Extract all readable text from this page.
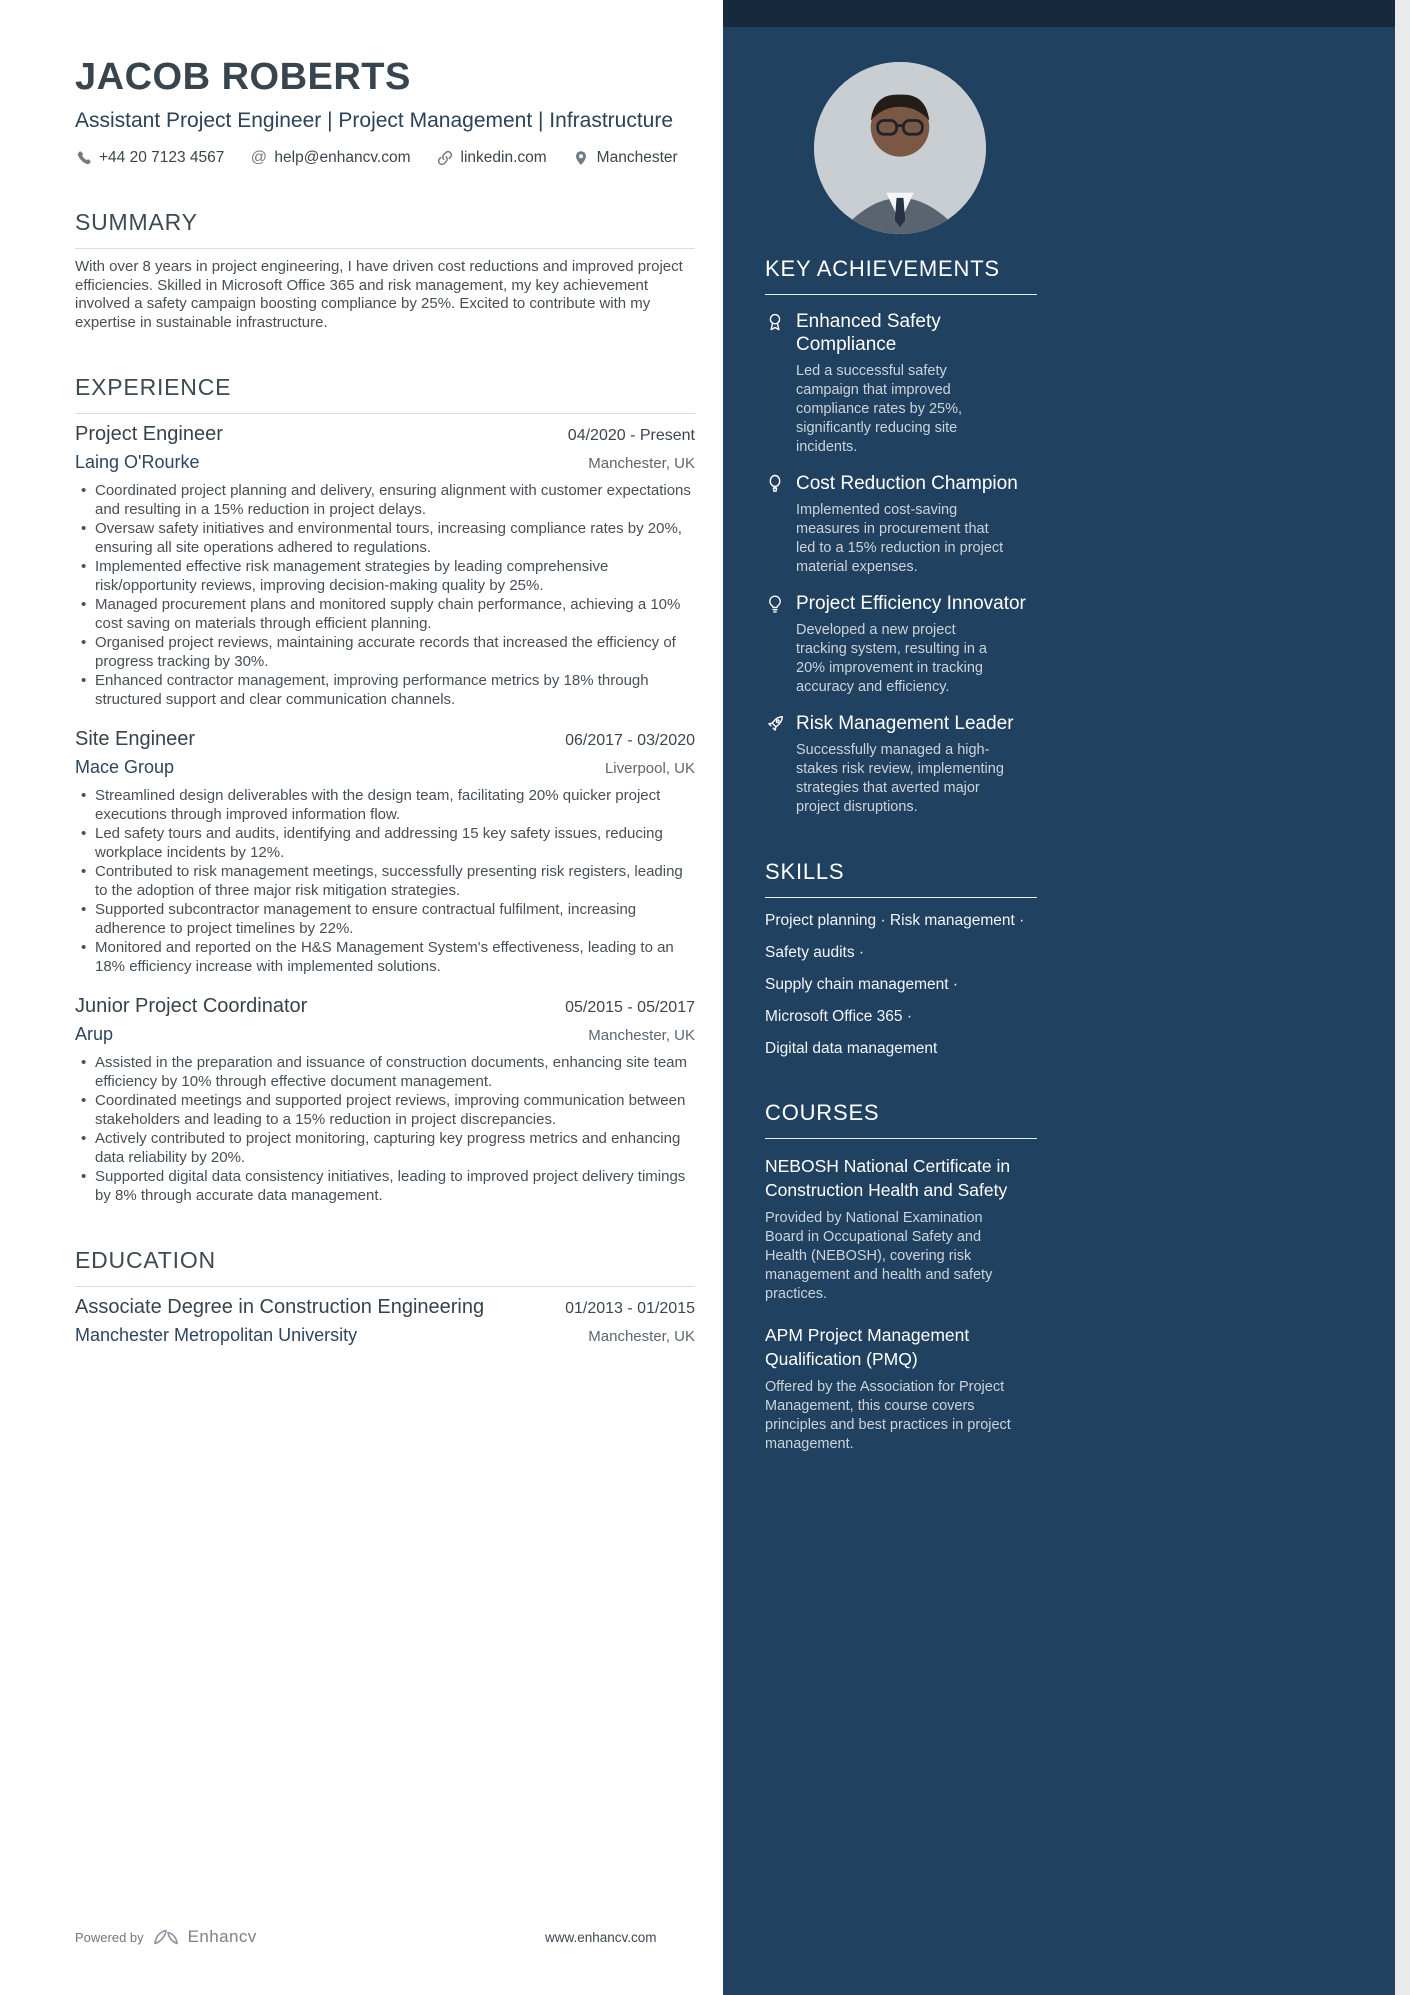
JACOB ROBERTS
Assistant Project Engineer | Project Management | Infrastructure
+44 20 7123 4567 @ help@enhancv.com	linkedin.com	Manchester
SUMMARY

With over 8 years in project engineering, I have driven cost reductions and improved project efficiencies. Skilled in Microsoft Office 365 and risk management, my key achievement involved a safety campaign boosting compliance by 25%. Excited to contribute with my expertise in sustainable infrastructure.

EXPERIENCE
Project Engineer	04/2020 - Present
Laing O'Rourke	Manchester, UK
• Coordinated project planning and delivery, ensuring alignment with customer expectations and resulting in a 15% reduction in project delays.
• Oversaw safety initiatives and environmental tours, increasing compliance rates by 20%, ensuring all site operations adhered to regulations.
• Implemented effective risk management strategies by leading comprehensive risk/opportunity reviews, improving decision-making quality by 25%.
• Managed procurement plans and monitored supply chain performance, achieving a 10% cost saving on materials through efficient planning.
• Organised project reviews, maintaining accurate records that increased the efficiency of progress tracking by 30%.
• Enhanced contractor management, improving performance metrics by 18% through structured support and clear communication channels.
Site Engineer	06/2017 - 03/2020
Mace Group	Liverpool, UK
• Streamlined design deliverables with the design team, facilitating 20% quicker project executions through improved information flow.
• Led safety tours and audits, identifying and addressing 15 key safety issues, reducing workplace incidents by 12%.
• Contributed to risk management meetings, successfully presenting risk registers, leading to the adoption of three major risk mitigation strategies.
• Supported subcontractor management to ensure contractual fulfilment, increasing adherence to project timelines by 22%.
• Monitored and reported on the H&S Management System's effectiveness, leading to an 18% efficiency increase with implemented solutions.
Junior Project Coordinator	05/2015 - 05/2017
Arup	Manchester, UK
• Assisted in the preparation and issuance of construction documents, enhancing site team efficiency by 10% through effective document management.
• Coordinated meetings and supported project reviews, improving communication between stakeholders and leading to a 15% reduction in project discrepancies.
• Actively contributed to project monitoring, capturing key progress metrics and enhancing data reliability by 20%.
• Supported digital data consistency initiatives, leading to improved project delivery timings by 8% through accurate data management.
EDUCATION
Associate Degree in Construction Engineering	01/2013 - 01/2015
Manchester Metropolitan University	Manchester, UK
Powered by	Enhancv	www.enhancv.com
KEY ACHIEVEMENTS
Enhanced Safety Compliance
Led a successful safety campaign that improved compliance rates by 25%, significantly reducing site incidents.
Cost Reduction Champion
Implemented cost-saving measures in procurement that led to a 15% reduction in project material expenses.
Project Efficiency Innovator
Developed a new project tracking system, resulting in a 20% improvement in tracking accuracy and efficiency.
Risk Management Leader
Successfully managed a high-stakes risk review, implementing strategies that averted major project disruptions.
SKILLS
Project planning · Risk management ·
Safety audits ·
Supply chain management ·
Microsoft Office 365 ·
Digital data management
COURSES
NEBOSH National Certificate in Construction Health and Safety
Provided by National Examination Board in Occupational Safety and Health (NEBOSH), covering risk management and health and safety practices.
APM Project Management Qualification (PMQ)
Offered by the Association for Project Management, this course covers principles and best practices in project management.
